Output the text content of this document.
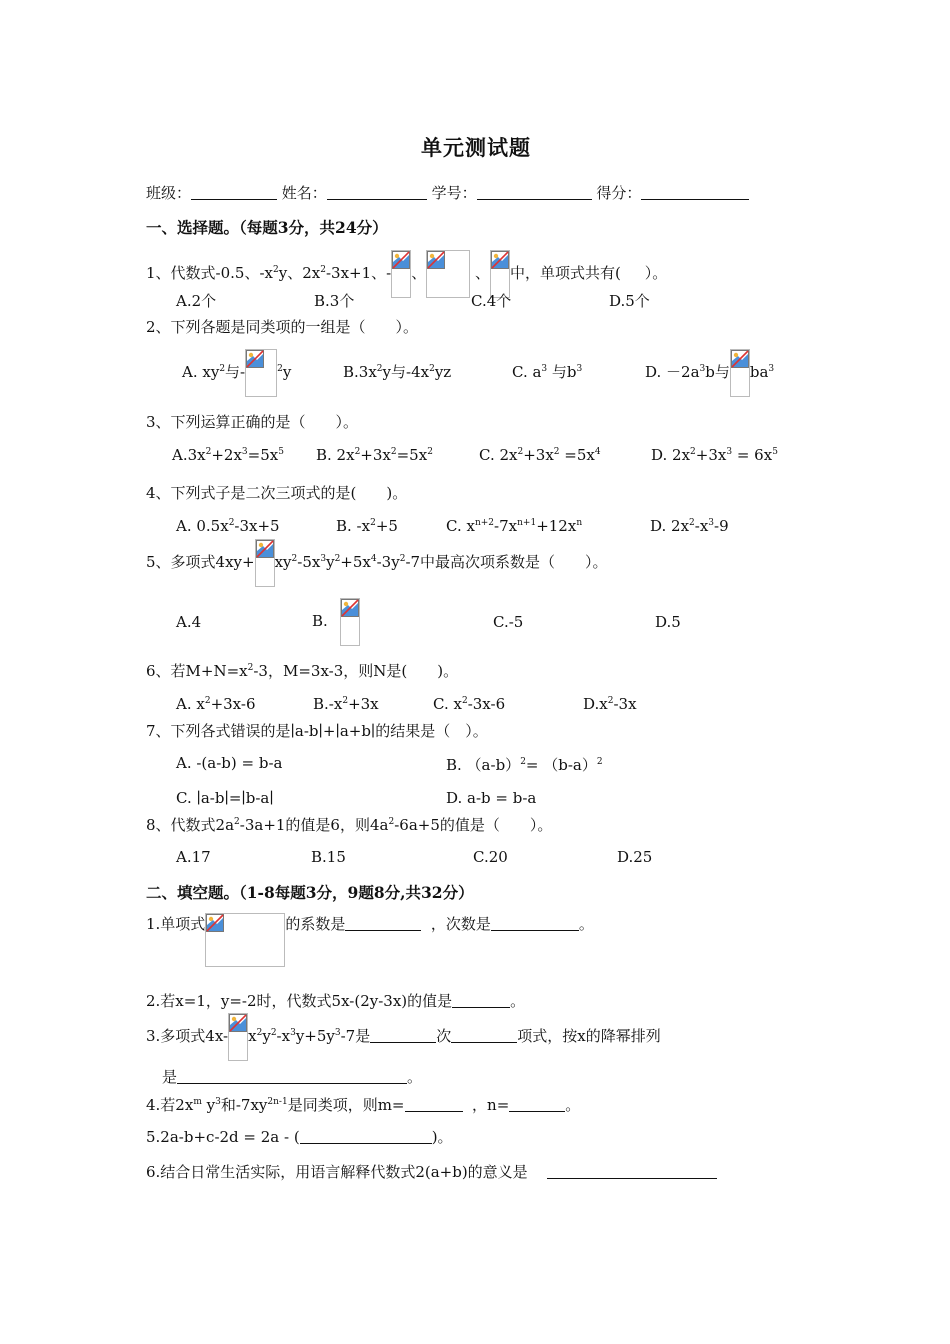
单元测试题
班级：	姓名：	学号：	得分：
一、选择题。（每题3分，共24分）
1、代数式-0.5、$-x^2y$、$2x^2-3x+1$、- 、	、 中，单项式共有( ）。
A.2个	B.3个	C.4个	D.5个
2、下列各题是同类项的一组是（　　）。
A. $xy^2$与-	$^2$y	$B.3x^2y$与$-4x^2yz$	C. $a^3$ 与$b^3$	D. $-2a^3b$与 $ba^3$
3、下列运算正确的是（　　）。
$A.3x^2+2x^3=5x^5$ B. $2x^2+3x^2=5x^2$	C. $2x^2+3x^2 =5x^4$	D. $2x^2+3x^3 = 6x^5$
4、下列式子是二次三项式的是(　　)。
A. $0.5x^2-3x+5$	B. $-x^2+5$	C. $x^{n+2}-7x^{n+1}+12x^n$	D. $2x^2-x^3-9$
5、多项式$4xy+ xy^2-5x^3y^2+5x^4-3y^2-7$中最高次项系数是（　　）。
A.4	B.	C.-5	D.5
6、若$M+N=x^2-3$，M=3x-3，则N是(　　)。
A. $x^2+3x-6$	$B.-x^2+3x$	C. $x^2-3x-6$	$D.x^2-3x$
7、下列各式错误的是∣a-b∣+∣a+b∣的结果是（　）。
A. -(a-b) = b-a	B. $(a-b)^2= (b-a)^2$
C. ∣a-b∣=∣b-a∣	D. a-b = b-a
8、代数式$2a^2-3a+1$的值是6，则$4a^2-6a+5$的值是（　　）。
A.17	B.15	C.20	D.25
二、填空题。（1-8每题3分，9题8分,共32分）
1.单项式	的系数是	，次数是	。
2.若x=1，y=-2时，代数式5x-(2y-3x)的值是	。
3.多项式4x- $x^2y^2-x^3y+5y^3-7$是	次	项式，按x的降幂排列
是	。
4.若$2x^m$ $y^3$和$-7xy^{2n-1}$是同类项，则m=	，n=	。
5.2a-b+c-2d = 2a - (	)。
6.结合日常生活实际，用语言解释代数式2(a+b)的意义是
